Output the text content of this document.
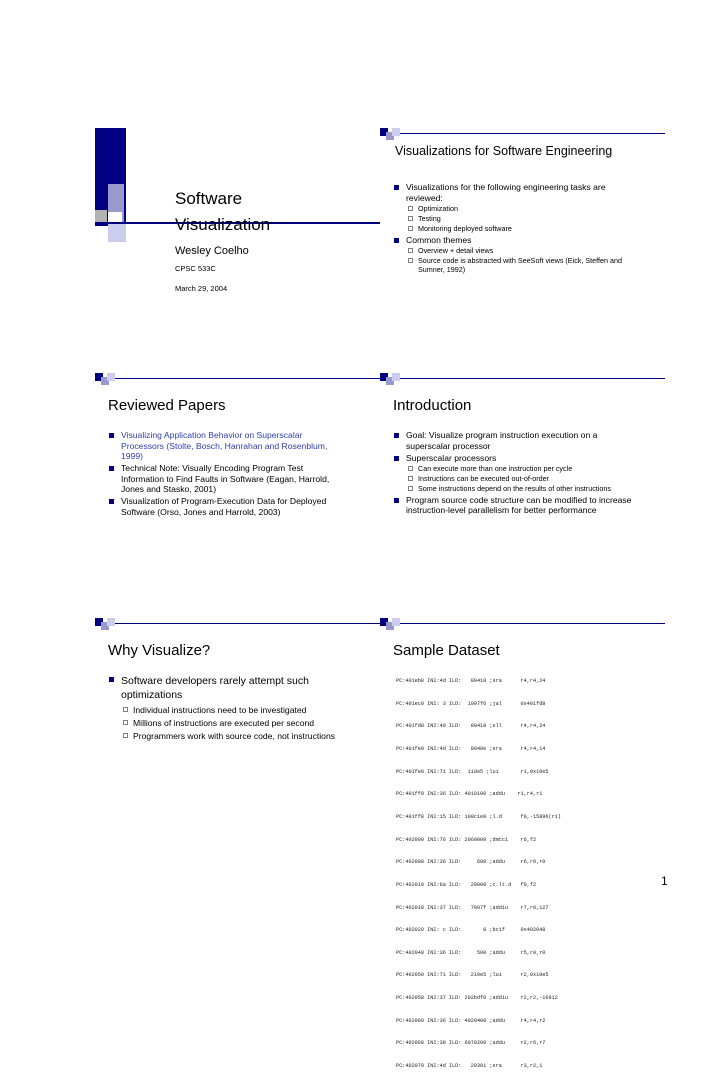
Software
Visualization
Wesley Coelho
CPSC 533C
March 29, 2004
Visualizations for Software Engineering
Visualizations for the following engineering tasks are reviewed:
Optimization
Testing
Monitoring deployed software
Common themes
Overview + detail views
Source code is abstracted with SeeSoft views (Eick, Steffen and Sumner, 1992)
Reviewed Papers
Visualizing Application Behavior on Superscalar Processors (Stolte, Bosch, Hanrahan and Rosenblum, 1999)
Technical Note: Visually Encoding Program Test Information to Find Faults in Software (Eagan, Harrold, Jones and Stasko, 2001)
Visualization of Program-Execution Data for Deployed Software (Orso, Jones and Harrold, 2003)
Introduction
Goal: Visualize program instruction execution on a superscalar processor
Superscalar processors
Can execute more than one instruction per cycle
Instructions can be executed out-of-order
Some instructions depend on the results of other instructions
Program source code structure can be modified to increase instruction-level parallelism for better performance
Why Visualize?
Software developers rarely attempt such optimizations
Individual instructions need to be investigated
Millions of instructions are executed per second
Programmers work with source code, not instructions
Sample Dataset

PC:401eb8 INI:4d ILD:   80418 ;sra      r4,r4,24

PC:401ec0 INI: 3 ILD:  1007f6 ;jal      0x401fd8

PC:401fd8 INI:49 ILD:   80418 ;sll      r4,r4,24

PC:401fe0 INI:4d ILD:   8040e ;sra      r4,r4,14

PC:401fe8 INI:71 ILD:  110e5 ;lui       r1,0x10e5

PC:401ff0 INI:36 ILD: 4010100 ;addu    r1,r4,r1

PC:401ff8 INI:15 ILD: 100c1e8 ;l.d      f0,-15896(r1)

PC:402000 INI:76 ILD: 2060000 ;dmtc1    r6,f2

PC:402008 INI:36 ILD:     600 ;addu     r6,r0,r0

PC:402010 INI:6a ILD:   20000 ;c.lt.d   f0,f2

PC:402018 INI:37 ILD:   7007f ;addiu    r7,r0,127

PC:402020 INI: c ILD:       8 ;bc1f     0x402048

PC:402048 INI:36 ILD:     500 ;addu     r5,r0,r0

PC:402050 INI:71 ILD:   210e5 ;lui      r2,0x10e5

PC:402058 INI:37 ILD: 202bdf0 ;addiu    r2,r2,-16912

PC:402060 INI:36 ILD: 4020400 ;addu     r4,r4,r2

PC:402068 INI:38 ILD: 6070200 ;addu     r2,r6,r7

PC:402070 INI:4d ILD:   20301 ;sra      r3,r2,1

1
